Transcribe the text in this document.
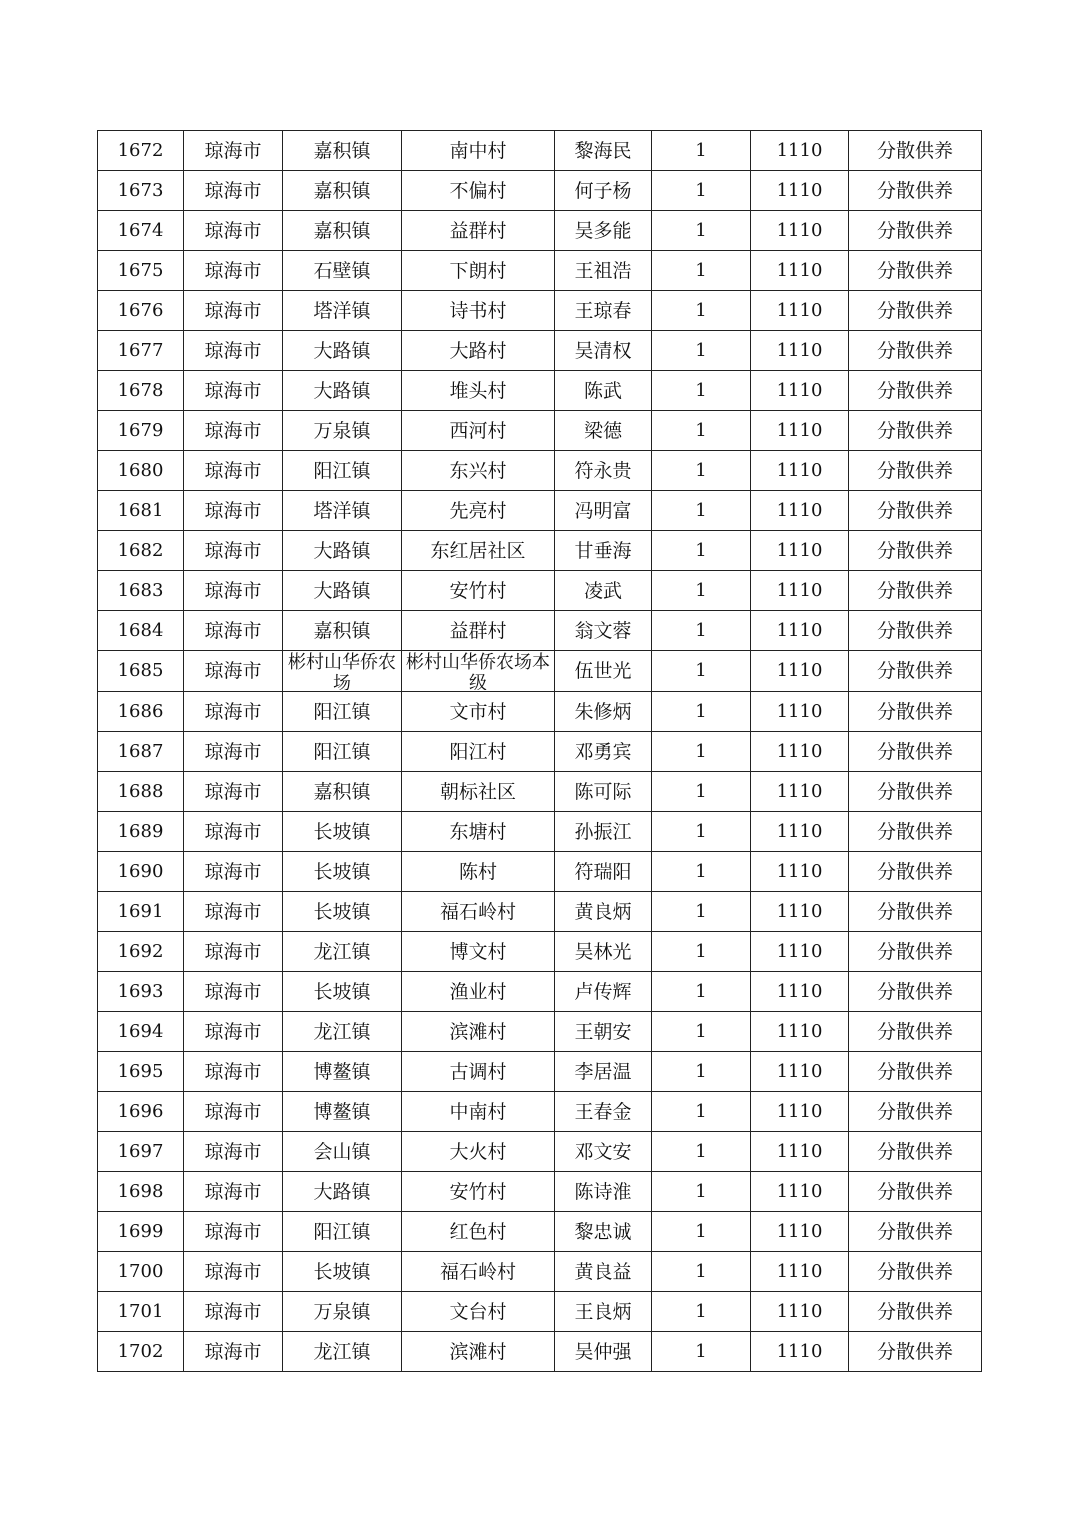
1672	琼海市	嘉积镇	南中村	黎海民	1	1110	分散供养
1673	琼海市	嘉积镇	不偏村	何子杨	1	1110	分散供养
1674	琼海市	嘉积镇	益群村	吴多能	1	1110	分散供养
1675	琼海市	石壁镇	下朗村	王祖浩	1	1110	分散供养
1676	琼海市	塔洋镇	诗书村	王琼春	1	1110	分散供养
1677	琼海市	大路镇	大路村	吴清权	1	1110	分散供养
1678	琼海市	大路镇	堆头村	陈武	1	1110	分散供养
1679	琼海市	万泉镇	西河村	梁德	1	1110	分散供养
1680	琼海市	阳江镇	东兴村	符永贵	1	1110	分散供养
1681	琼海市	塔洋镇	先亮村	冯明富	1	1110	分散供养
1682	琼海市	大路镇	东红居社区	甘垂海	1	1110	分散供养
1683	琼海市	大路镇	安竹村	凌武	1	1110	分散供养
1684	琼海市	嘉积镇	益群村	翁文蓉	1	1110	分散供养
1685	琼海市	彬村山华侨农场	彬村山华侨农场本级	伍世光	1	1110	分散供养
1686	琼海市	阳江镇	文市村	朱修炳	1	1110	分散供养
1687	琼海市	阳江镇	阳江村	邓勇宾	1	1110	分散供养
1688	琼海市	嘉积镇	朝标社区	陈可际	1	1110	分散供养
1689	琼海市	长坡镇	东塘村	孙振江	1	1110	分散供养
1690	琼海市	长坡镇	陈村	符瑞阳	1	1110	分散供养
1691	琼海市	长坡镇	福石岭村	黄良炳	1	1110	分散供养
1692	琼海市	龙江镇	博文村	吴林光	1	1110	分散供养
1693	琼海市	长坡镇	渔业村	卢传辉	1	1110	分散供养
1694	琼海市	龙江镇	滨滩村	王朝安	1	1110	分散供养
1695	琼海市	博鳌镇	古调村	李居温	1	1110	分散供养
1696	琼海市	博鳌镇	中南村	王春金	1	1110	分散供养
1697	琼海市	会山镇	大火村	邓文安	1	1110	分散供养
1698	琼海市	大路镇	安竹村	陈诗淮	1	1110	分散供养
1699	琼海市	阳江镇	红色村	黎忠诚	1	1110	分散供养
1700	琼海市	长坡镇	福石岭村	黄良益	1	1110	分散供养
1701	琼海市	万泉镇	文台村	王良炳	1	1110	分散供养
1702	琼海市	龙江镇	滨滩村	吴仲强	1	1110	分散供养
